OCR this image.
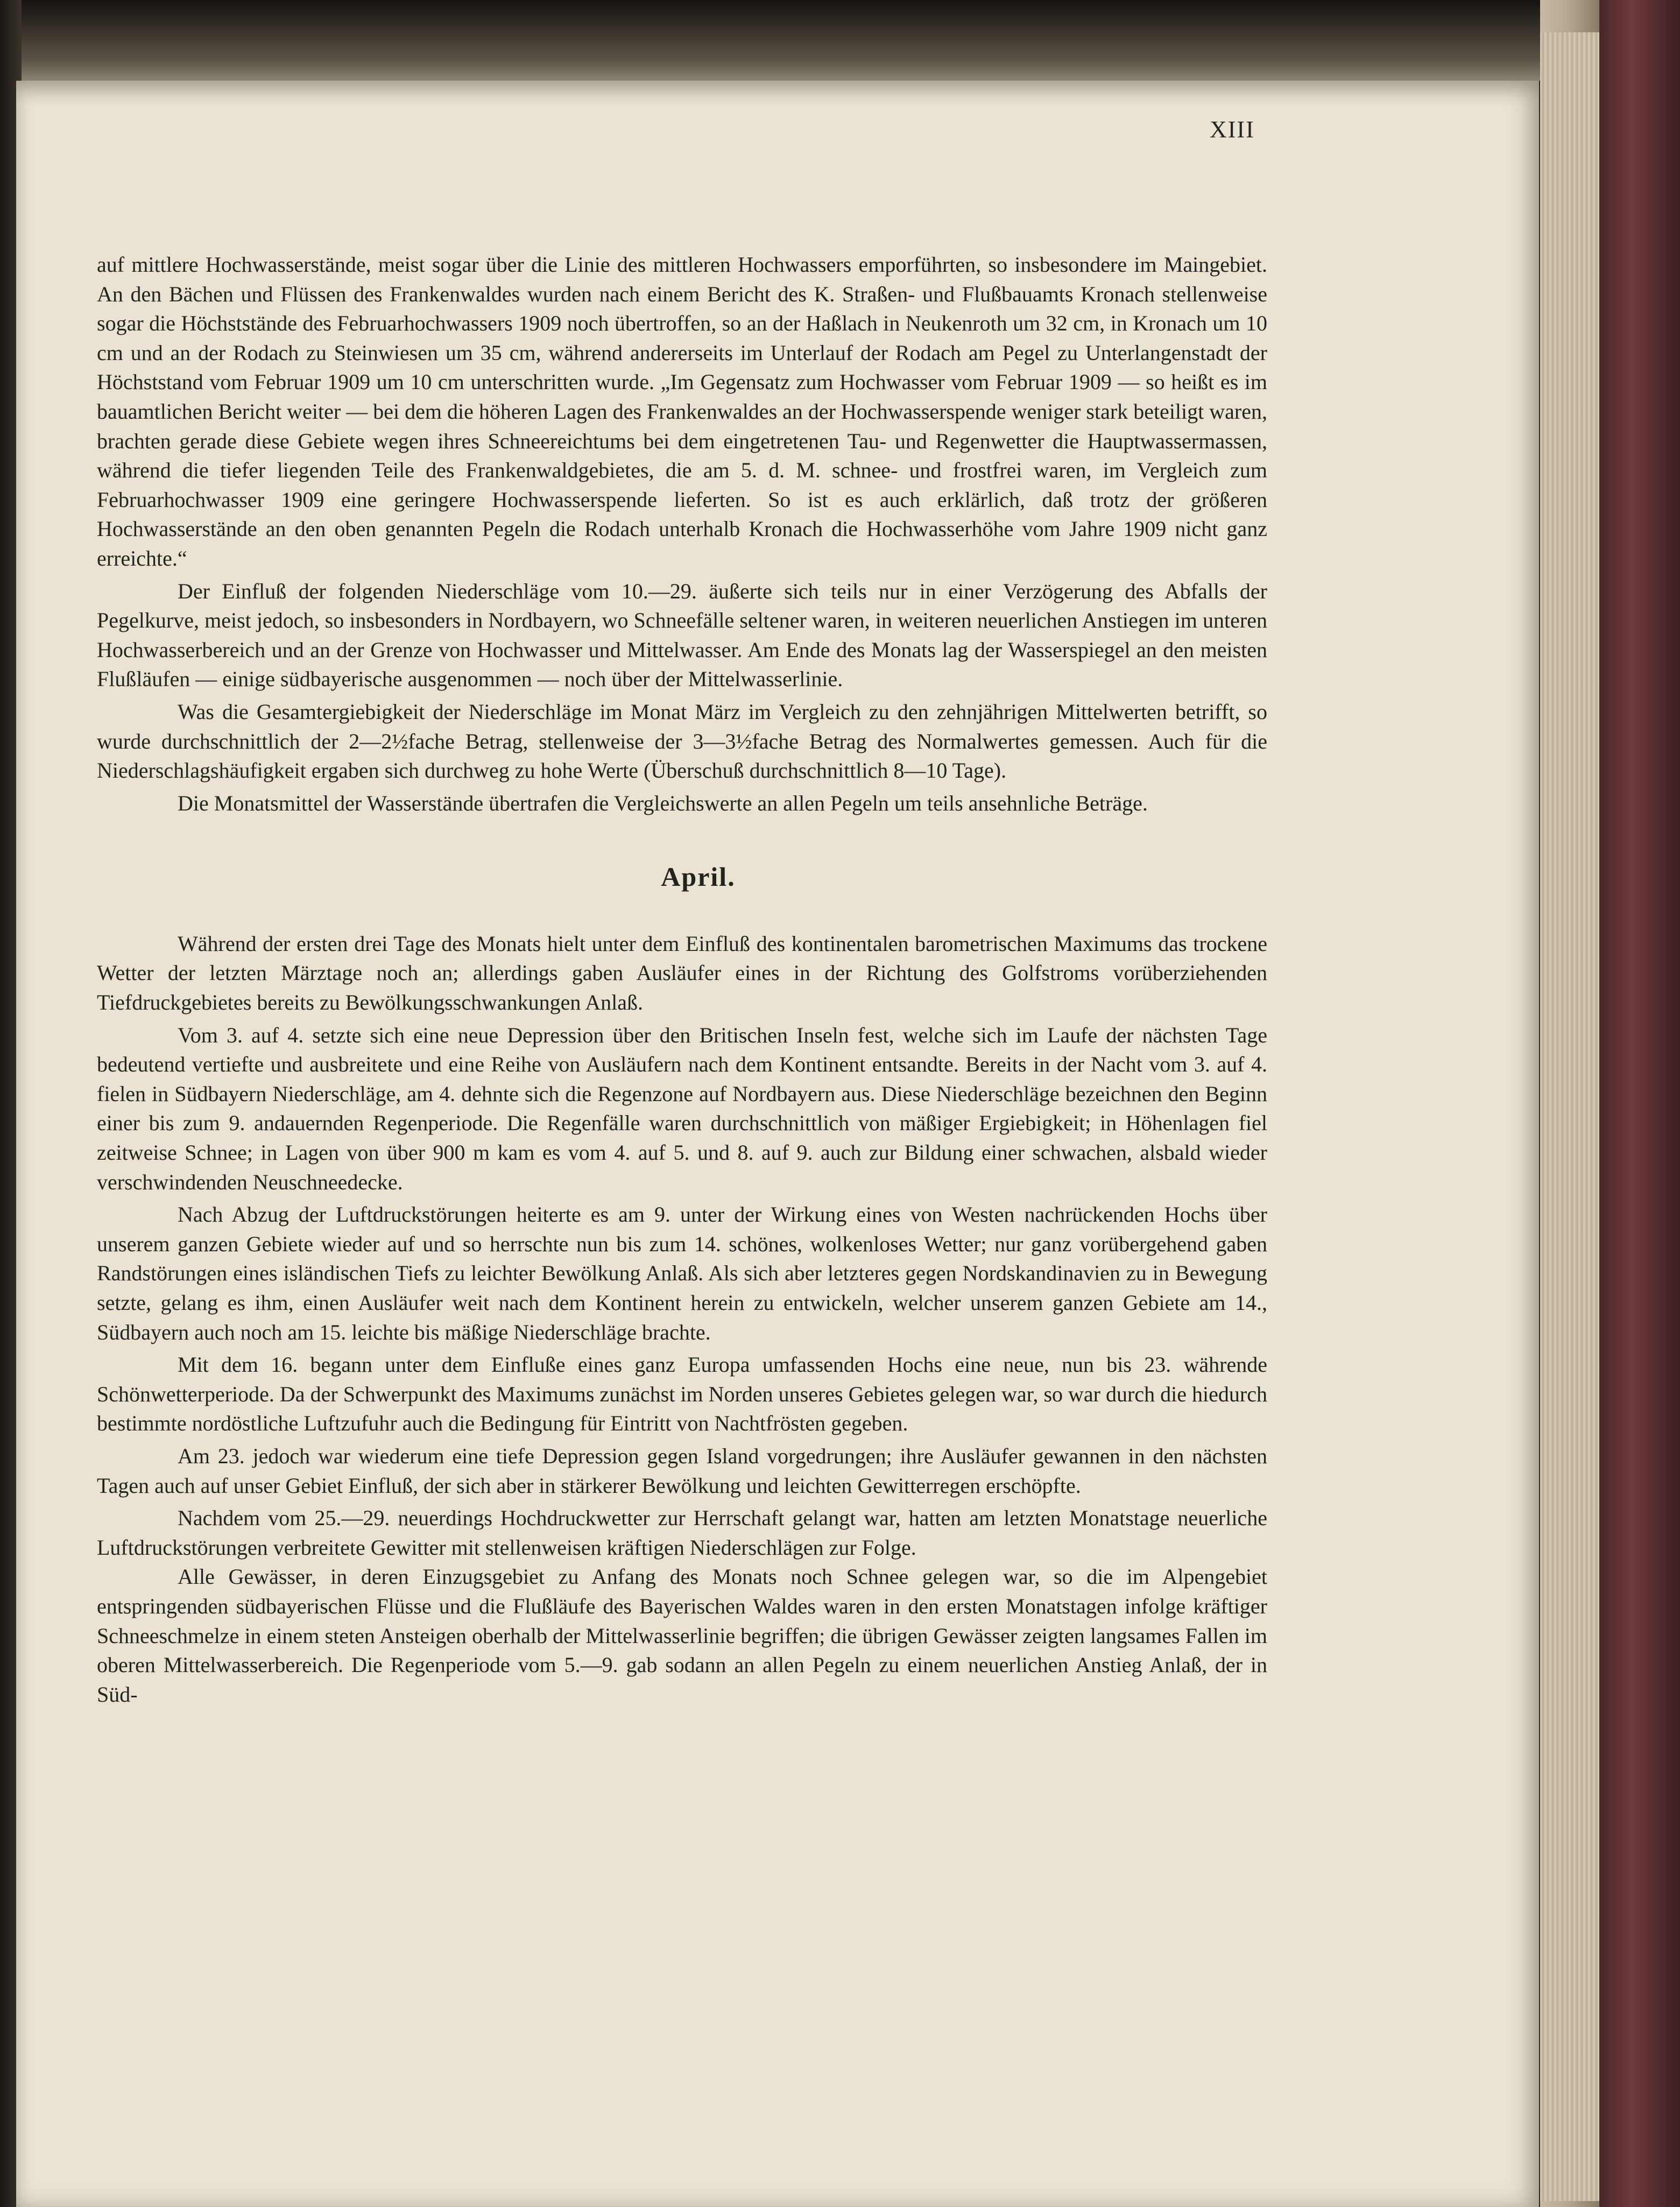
XIII

auf mittlere Hochwasserstände, meist sogar über die Linie des mittleren Hochwassers emporführten, so insbesondere im Maingebiet. An den Bächen und Flüssen des Frankenwaldes wurden nach einem Bericht des K. Straßen- und Flußbauamts Kronach stellenweise sogar die Höchststände des Februarhochwassers 1909 noch übertroffen, so an der Haßlach in Neukenroth um 32 cm, in Kronach um 10 cm und an der Rodach zu Steinwiesen um 35 cm, während andererseits im Unterlauf der Rodach am Pegel zu Unterlangenstadt der Höchststand vom Februar 1909 um 10 cm unterschritten wurde. „Im Gegensatz zum Hochwasser vom Februar 1909 — so heißt es im bauamtlichen Bericht weiter — bei dem die höheren Lagen des Frankenwaldes an der Hochwasserspende weniger stark beteiligt waren, brachten gerade diese Gebiete wegen ihres Schneereichtums bei dem eingetretenen Tau- und Regenwetter die Hauptwassermassen, während die tiefer liegenden Teile des Frankenwaldgebietes, die am 5. d. M. schnee- und frostfrei waren, im Vergleich zum Februarhochwasser 1909 eine geringere Hochwasserspende lieferten. So ist es auch erklärlich, daß trotz der größeren Hochwasserstände an den oben genannten Pegeln die Rodach unterhalb Kronach die Hochwasserhöhe vom Jahre 1909 nicht ganz erreichte.“

Der Einfluß der folgenden Niederschläge vom 10.—29. äußerte sich teils nur in einer Verzögerung des Abfalls der Pegelkurve, meist jedoch, so insbesonders in Nordbayern, wo Schneefälle seltener waren, in weiteren neuerlichen Anstiegen im unteren Hochwasserbereich und an der Grenze von Hochwasser und Mittelwasser. Am Ende des Monats lag der Wasserspiegel an den meisten Flußläufen — einige südbayerische ausgenommen — noch über der Mittelwasserlinie.

Was die Gesamtergiebigkeit der Niederschläge im Monat März im Vergleich zu den zehnjährigen Mittelwerten betrifft, so wurde durchschnittlich der 2—2½fache Betrag, stellenweise der 3—3½fache Betrag des Normalwertes gemessen. Auch für die Niederschlagshäufigkeit ergaben sich durchweg zu hohe Werte (Überschuß durchschnittlich 8—10 Tage).

Die Monatsmittel der Wasserstände übertrafen die Vergleichswerte an allen Pegeln um teils ansehnliche Beträge.

April.

Während der ersten drei Tage des Monats hielt unter dem Einfluß des kontinentalen barometrischen Maximums das trockene Wetter der letzten Märztage noch an; allerdings gaben Ausläufer eines in der Richtung des Golfstroms vorüberziehenden Tiefdruckgebietes bereits zu Bewölkungsschwankungen Anlaß.

Vom 3. auf 4. setzte sich eine neue Depression über den Britischen Inseln fest, welche sich im Laufe der nächsten Tage bedeutend vertiefte und ausbreitete und eine Reihe von Ausläufern nach dem Kontinent entsandte. Bereits in der Nacht vom 3. auf 4. fielen in Südbayern Niederschläge, am 4. dehnte sich die Regenzone auf Nordbayern aus. Diese Niederschläge bezeichnen den Beginn einer bis zum 9. andauernden Regenperiode. Die Regenfälle waren durchschnittlich von mäßiger Ergiebigkeit; in Höhenlagen fiel zeitweise Schnee; in Lagen von über 900 m kam es vom 4. auf 5. und 8. auf 9. auch zur Bildung einer schwachen, alsbald wieder verschwindenden Neuschneedecke.

Nach Abzug der Luftdruckstörungen heiterte es am 9. unter der Wirkung eines von Westen nachrückenden Hochs über unserem ganzen Gebiete wieder auf und so herrschte nun bis zum 14. schönes, wolkenloses Wetter; nur ganz vorübergehend gaben Randstörungen eines isländischen Tiefs zu leichter Bewölkung Anlaß. Als sich aber letzteres gegen Nordskandinavien zu in Bewegung setzte, gelang es ihm, einen Ausläufer weit nach dem Kontinent herein zu entwickeln, welcher unserem ganzen Gebiete am 14., Südbayern auch noch am 15. leichte bis mäßige Niederschläge brachte.

Mit dem 16. begann unter dem Einfluße eines ganz Europa umfassenden Hochs eine neue, nun bis 23. währende Schönwetterperiode. Da der Schwerpunkt des Maximums zunächst im Norden unseres Gebietes gelegen war, so war durch die hiedurch bestimmte nordöstliche Luftzufuhr auch die Bedingung für Eintritt von Nachtfrösten gegeben.

Am 23. jedoch war wiederum eine tiefe Depression gegen Island vorgedrungen; ihre Ausläufer gewannen in den nächsten Tagen auch auf unser Gebiet Einfluß, der sich aber in stärkerer Bewölkung und leichten Gewitterregen erschöpfte.

Nachdem vom 25.—29. neuerdings Hochdruckwetter zur Herrschaft gelangt war, hatten am letzten Monatstage neuerliche Luftdruckstörungen verbreitete Gewitter mit stellenweisen kräftigen Niederschlägen zur Folge.

Alle Gewässer, in deren Einzugsgebiet zu Anfang des Monats noch Schnee gelegen war, so die im Alpengebiet entspringenden südbayerischen Flüsse und die Flußläufe des Bayerischen Waldes waren in den ersten Monatstagen infolge kräftiger Schneeschmelze in einem steten Ansteigen oberhalb der Mittelwasserlinie begriffen; die übrigen Gewässer zeigten langsames Fallen im oberen Mittelwasserbereich. Die Regenperiode vom 5.—9. gab sodann an allen Pegeln zu einem neuerlichen Anstieg Anlaß, der in Süd-
